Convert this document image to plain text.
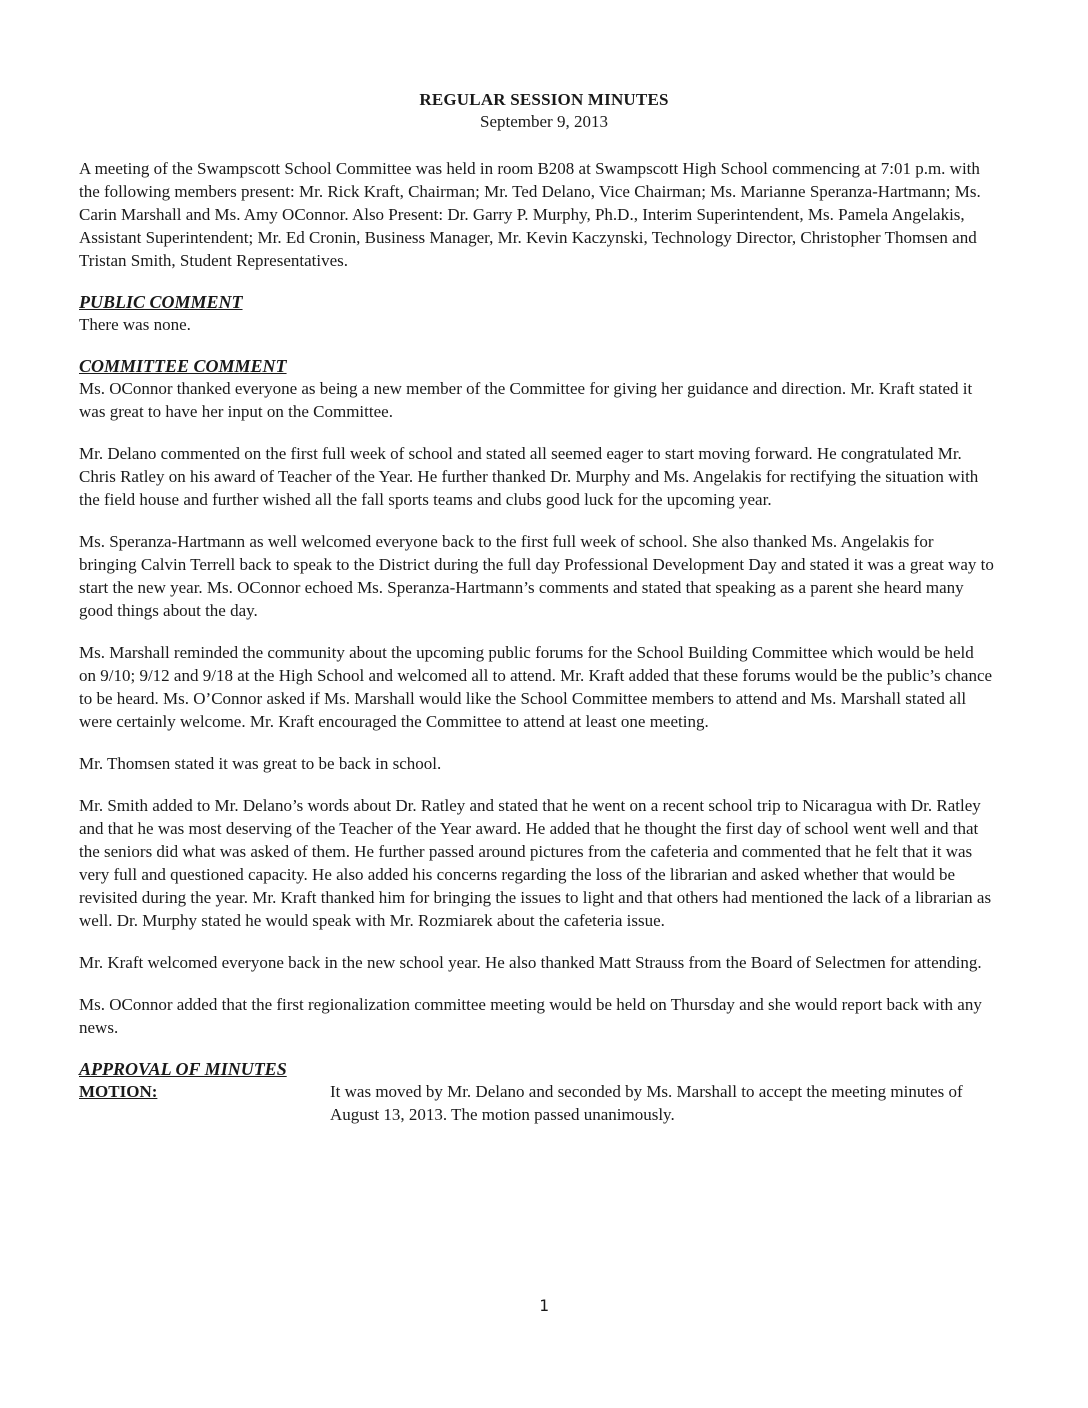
REGULAR SESSION MINUTES
September 9, 2013

A meeting of the Swampscott School Committee was held in room B208 at Swampscott High School commencing at 7:01 p.m. with the following members present: Mr. Rick Kraft, Chairman; Mr. Ted Delano, Vice Chairman; Ms. Marianne Speranza-Hartmann; Ms. Carin Marshall and Ms. Amy OConnor. Also Present: Dr. Garry P. Murphy, Ph.D., Interim Superintendent, Ms. Pamela Angelakis, Assistant Superintendent; Mr. Ed Cronin, Business Manager, Mr. Kevin Kaczynski, Technology Director, Christopher Thomsen and Tristan Smith, Student Representatives.

PUBLIC COMMENT

There was none.

COMMITTEE COMMENT

Ms. OConnor thanked everyone as being a new member of the Committee for giving her guidance and direction. Mr. Kraft stated it was great to have her input on the Committee.

Mr. Delano commented on the first full week of school and stated all seemed eager to start moving forward. He congratulated Mr. Chris Ratley on his award of Teacher of the Year. He further thanked Dr. Murphy and Ms. Angelakis for rectifying the situation with the field house and further wished all the fall sports teams and clubs good luck for the upcoming year.

Ms. Speranza-Hartmann as well welcomed everyone back to the first full week of school. She also thanked Ms. Angelakis for bringing Calvin Terrell back to speak to the District during the full day Professional Development Day and stated it was a great way to start the new year. Ms. OConnor echoed Ms. Speranza-Hartmann’s comments and stated that speaking as a parent she heard many good things about the day.

Ms. Marshall reminded the community about the upcoming public forums for the School Building Committee which would be held on 9/10; 9/12 and 9/18 at the High School and welcomed all to attend. Mr. Kraft added that these forums would be the public’s chance to be heard. Ms. O’Connor asked if Ms. Marshall would like the School Committee members to attend and Ms. Marshall stated all were certainly welcome. Mr. Kraft encouraged the Committee to attend at least one meeting.

Mr. Thomsen stated it was great to be back in school.

Mr. Smith added to Mr. Delano’s words about Dr. Ratley and stated that he went on a recent school trip to Nicaragua with Dr. Ratley and that he was most deserving of the Teacher of the Year award. He added that he thought the first day of school went well and that the seniors did what was asked of them. He further passed around pictures from the cafeteria and commented that he felt that it was very full and questioned capacity. He also added his concerns regarding the loss of the librarian and asked whether that would be revisited during the year. Mr. Kraft thanked him for bringing the issues to light and that others had mentioned the lack of a librarian as well. Dr. Murphy stated he would speak with Mr. Rozmiarek about the cafeteria issue.

Mr. Kraft welcomed everyone back in the new school year. He also thanked Matt Strauss from the Board of Selectmen for attending.

Ms. OConnor added that the first regionalization committee meeting would be held on Thursday and she would report back with any news.

APPROVAL OF MINUTES
MOTION:	It was moved by Mr. Delano and seconded by Ms. Marshall to accept the meeting minutes of August 13, 2013. The motion passed unanimously.
1
